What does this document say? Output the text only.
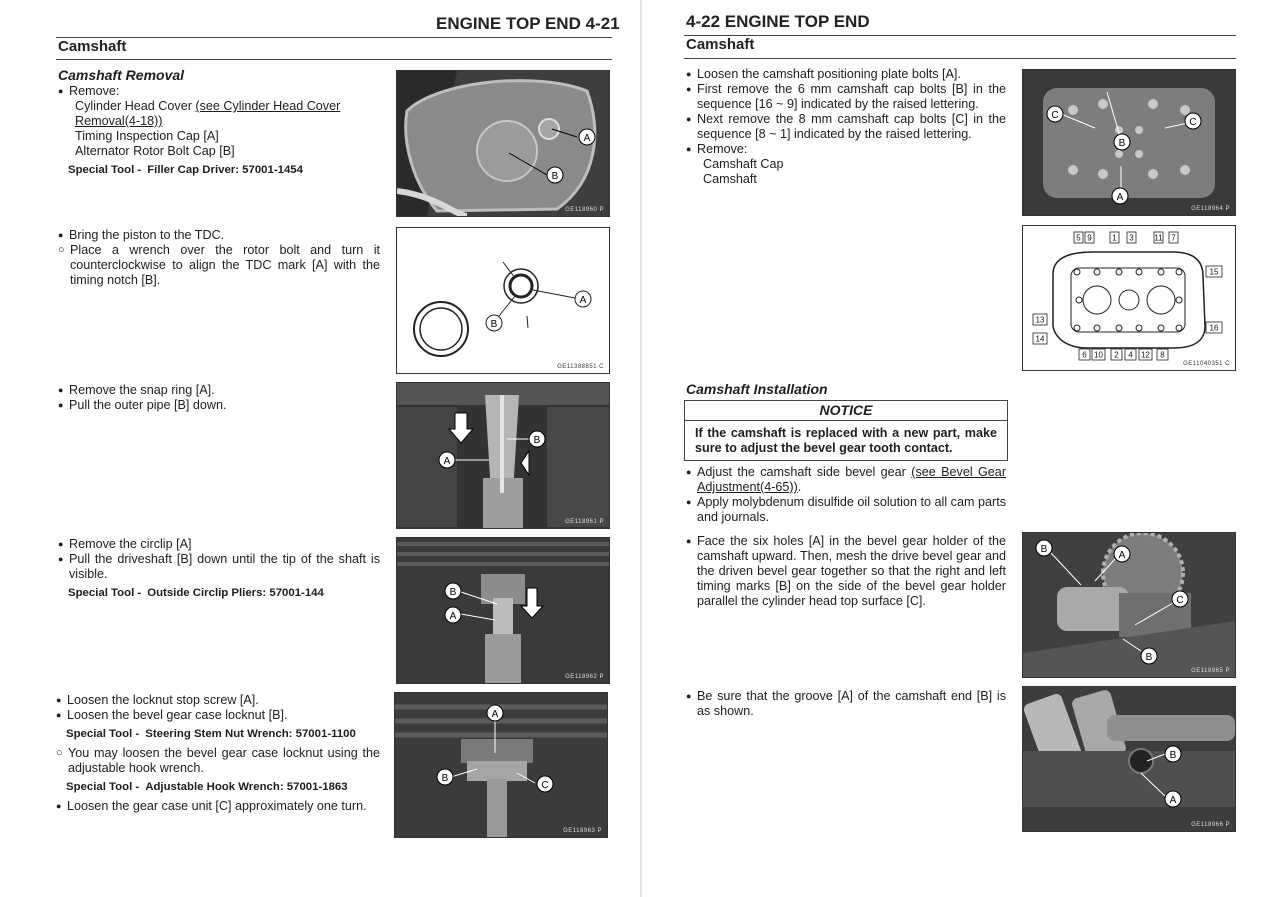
ENGINE TOP END 4-21
Camshaft

Camshaft Removal

● Remove:

Cylinder Head Cover (see Cylinder Head Cover Removal(4-18))

Timing Inspection Cap [A]

Alternator Rotor Bolt Cap [B]

Special Tool - Filler Cap Driver: 57001-1454

A
B
GE118960 P

● Bring the piston to the TDC.

○ Place a wrench over the rotor bolt and turn it counterclockwise to align the TDC mark [A] with the timing notch [B].

A
B
GE11388851 C

● Remove the snap ring [A].

● Pull the outer pipe [B] down.

A
B
GE118961 P

● Remove the circlip [A]

● Pull the driveshaft [B] down until the tip of the shaft is visible.

Special Tool - Outside Circlip Pliers: 57001-144	B
A
GE118962 P

● Loosen the locknut stop screw [A].

● Loosen the bevel gear case locknut [B].

Special Tool - Steering Stem Nut Wrench: 57001-1100

○ You may loosen the bevel gear case locknut using the adjustable hook wrench.

Special Tool - Adjustable Hook Wrench: 57001-1863

● Loosen the gear case unit [C] approximately one turn.

A
B
C
GE118963 P
4-22 ENGINE TOP END
Camshaft

● Loosen the camshaft positioning plate bolts [A].

● First remove the 6 mm camshaft cap bolts [B] in the sequence [16 ~ 9] indicated by the raised lettering.

● Next remove the 8 mm camshaft cap bolts [C] in the sequence [8 ~ 1] indicated by the raised lettering.

● Remove:

Camshaft Cap

Camshaft

C
C
B
A
GE118964 P
5 9	1 3	11 7
15
16
13
14
6 10 2 4 12 8
GE11040351 C

Camshaft Installation

NOTICE
If the camshaft is replaced with a new part, make sure to adjust the bevel gear tooth contact.

● Adjust the camshaft side bevel gear (see Bevel Gear Adjustment(4-65)).

● Apply molybdenum disulfide oil solution to all cam parts and journals.

● Face the six holes [A] in the bevel gear holder of the camshaft upward. Then, mesh the drive bevel gear and the driven bevel gear together so that the right and left timing marks [B] on the side of the bevel gear holder parallel the cylinder head top surface [C].

B
A
C
B
GE118965 P

● Be sure that the groove [A] of the camshaft end [B] is as shown.

B
A
GE118966 P
